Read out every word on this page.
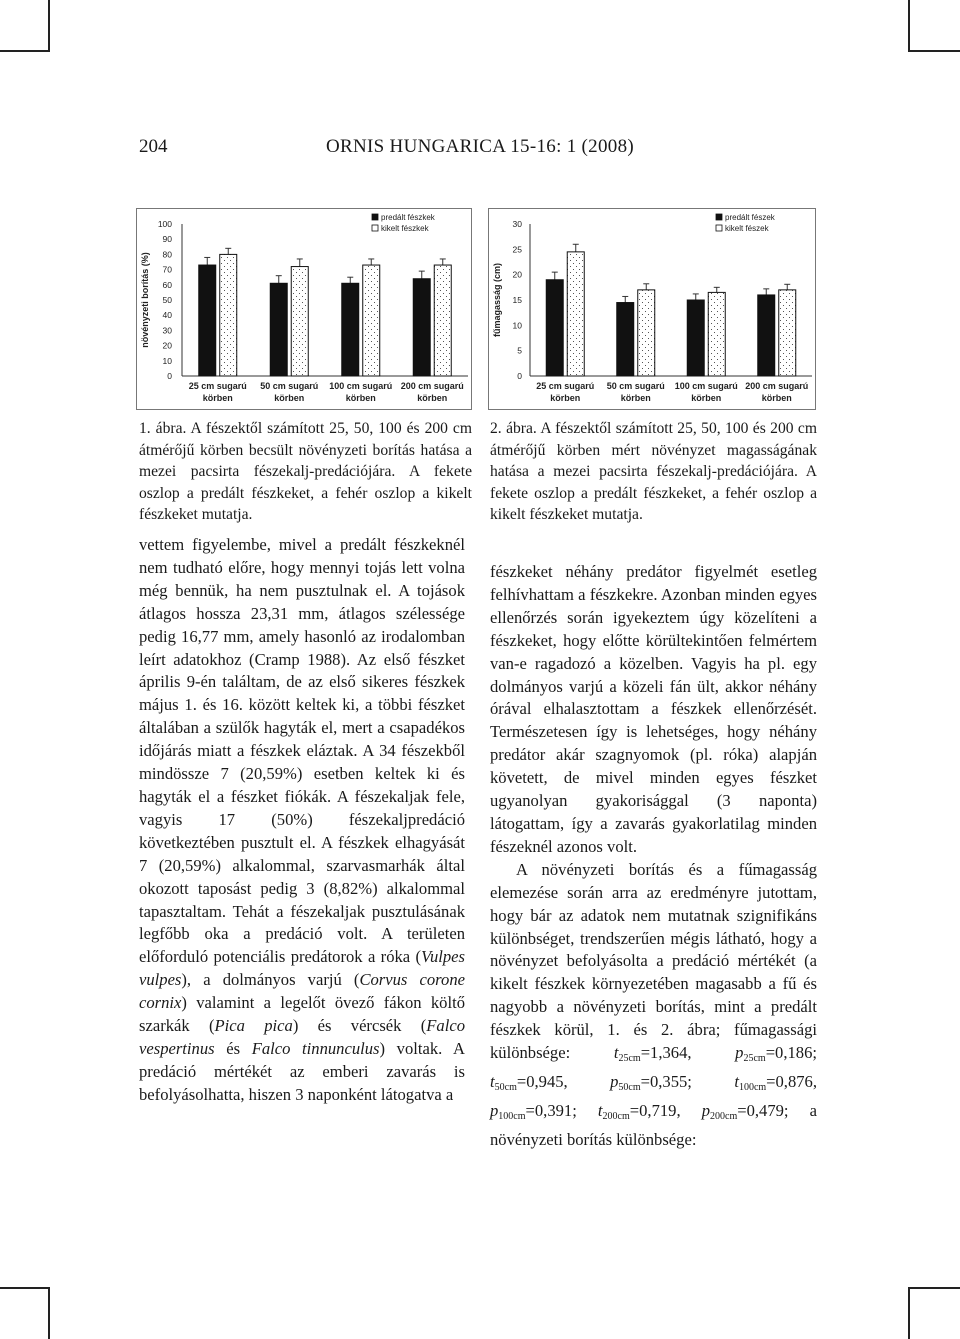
ORNIS HUNGARICA 15-16: 1 (2008)
204
növényzeti borítás (%)
0
10
20
30
40
50
60
70
80
90
100
25 cm sugarú
körben
50 cm sugarú
körben
100 cm sugarú
körben
200 cm sugarú
körben
predált fészkek
kikelt fészkek
fűmagasság (cm)
0
5
10
15
20
25
30
25 cm sugarú
körben
50 cm sugarú
körben
100 cm sugarú
körben
200 cm sugarú
körben
predált fészek
kikelt fészek
1. ábra. A fészektől számított 25, 50, 100 és 200 cm átmérőjű körben becsült növényzeti borítás hatása a mezei pacsirta fészekalj-predációjára. A fekete oszlop a predált fészkeket, a fehér oszlop a kikelt fészkeket mutatja.
2. ábra. A fészektől számított 25, 50, 100 és 200 cm átmérőjű körben mért növényzet magasságának hatása a mezei pacsirta fészekalj-predációjára. A fekete oszlop a predált fészkeket, a fehér oszlop a kikelt fészkeket mutatja.

vettem figyelembe, mivel a predált fészkeknél nem tudható előre, hogy mennyi tojás lett volna még bennük, ha nem pusztulnak el. A tojások átlagos hossza 23,31 mm, átlagos szélessége pedig 16,77 mm, amely hasonló az irodalomban leírt adatokhoz (Cramp 1988). Az első fészket április 9-én találtam, de az első sikeres fészkek május 1. és 16. között keltek ki, a többi fészket általában a szülők hagyták el, mert a csapadékos időjárás miatt a fészkek eláztak. A 34 fészekből mindössze 7 (20,59%) esetben keltek ki és hagyták el a fészket fiókák. A fészekaljak fele, vagyis 17 (50%) fészekaljpredáció következtében pusztult el. A fészkek elhagyását 7 (20,59%) alkalommal, szarvasmarhák által okozott taposást pedig 3 (8,82%) alkalommal tapasztaltam. Tehát a fészekaljak pusztulásának legfőbb oka a predáció volt. A területen előforduló potenciális predátorok a róka (Vulpes vulpes), a dolmányos varjú (Corvus corone cornix) valamint a legelőt övező fákon költő szarkák (Pica pica) és vércsék (Falco vespertinus és Falco tinnunculus) voltak. A predáció mértékét az emberi zavarás is befolyásolhatta, hiszen 3 naponként látogatva a

fészkeket néhány predátor figyelmét esetleg felhívhattam a fészkekre. Azonban minden egyes ellenőrzés során igyekeztem úgy közelíteni a fészkeket, hogy előtte körültekintően felmértem van-e ragadozó a közelben. Vagyis ha pl. egy dolmányos varjú a közeli fán ült, akkor néhány órával elhalasztottam a fészkek ellenőrzését. Természetesen így is lehetséges, hogy néhány predátor akár szagnyomok (pl. róka) alapján követett, de mivel minden egyes fészket ugyanolyan gyakorisággal (3 naponta) látogattam, így a zavarás gyakorlatilag minden fészeknél azonos volt.

A növényzeti borítás és a fűmagasság elemezése során arra az eredményre jutottam, hogy bár az adatok nem mutatnak szignifikáns különbséget, trendszerűen mégis látható, hogy a növényzet befolyásolta a predáció mértékét (a kikelt fészkek környezetében magasabb a fű és nagyobb a növényzeti borítás, mint a predált fészkek körül, 1. és 2. ábra; fűmagassági különbsége: $t_{25cm}=1,364$, $p_{25cm}=0,186$; $t_{50cm}=0,945$, $p_{50cm}=0,355$; $t_{100cm}=0,876$, $p_{100cm}=0,391$; $t_{200cm}=0,719$, $p_{200cm}=0,479$; a növényzeti borítás különbsége:
